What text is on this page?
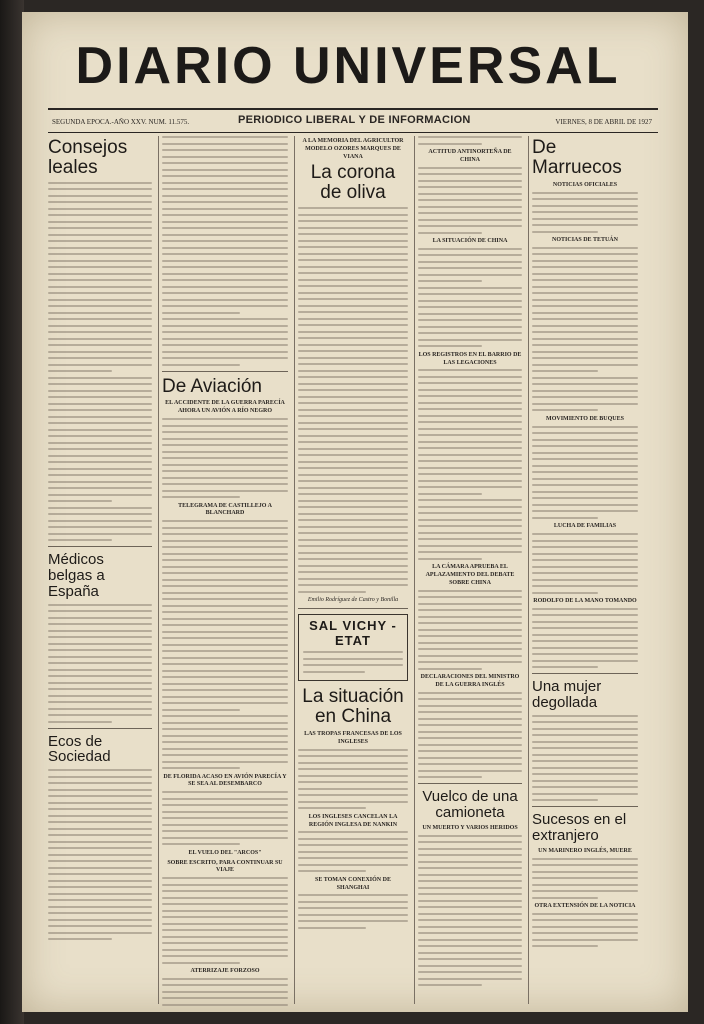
DIARIO UNIVERSAL
SEGUNDA EPOCA.-AÑO XXV. NUM. 11.575.	PERIODICO LIBERAL Y DE INFORMACION	VIERNES, 8 DE ABRIL DE 1927
Consejos leales
Médicos belgas a España
Ecos de Sociedad
De Aviación
EL ACCIDENTE DE LA GUERRA PARECÍA AHORA UN AVIÓN A RÍO NEGRO
TELEGRAMA DE CASTILLEJO A BLANCHARD
DE FLORIDA ACASO EN AVIÓN PARECÍA Y SE SEA AL DESEMBARCO
EL VUELO DEL "ARCOS"
SOBRE ESCRITO, PARA CONTINUAR SU VIAJE
ATERRIZAJE FORZOSO
A LA MEMORIA DEL AGRICULTOR MODELO OZORES MARQUES DE VIANA
La corona de oliva
Emilio Rodríguez de Castro y Bonilla
SAL VICHY - ETAT
La situación en China
LAS TROPAS FRANCESAS DE LOS INGLESES
LOS INGLESES CANCELAN LA REGIÓN INGLESA DE NANKIN
SE TOMAN CONEXIÓN DE SHANGHAI
ACTITUD ANTINORTEÑA DE CHINA
LA SITUACIÓN DE CHINA
LOS REGISTROS EN EL BARRIO DE LAS LEGACIONES
LA CÁMARA APRUEBA EL APLAZAMIENTO DEL DEBATE SOBRE CHINA
DECLARACIONES DEL MINISTRO DE LA GUERRA INGLÉS
Vuelco de una camioneta
UN MUERTO Y VARIOS HERIDOS
De Marruecos
NOTICIAS OFICIALES
NOTICIAS DE TETUÁN
MOVIMIENTO DE BUQUES
LUCHA DE FAMILIAS
RODOLFO DE LA MANO TOMANDO
Una mujer degollada
Sucesos en el extranjero
UN MARINERO INGLÉS, MUERE
OTRA EXTENSIÓN DE LA NOTICIA
